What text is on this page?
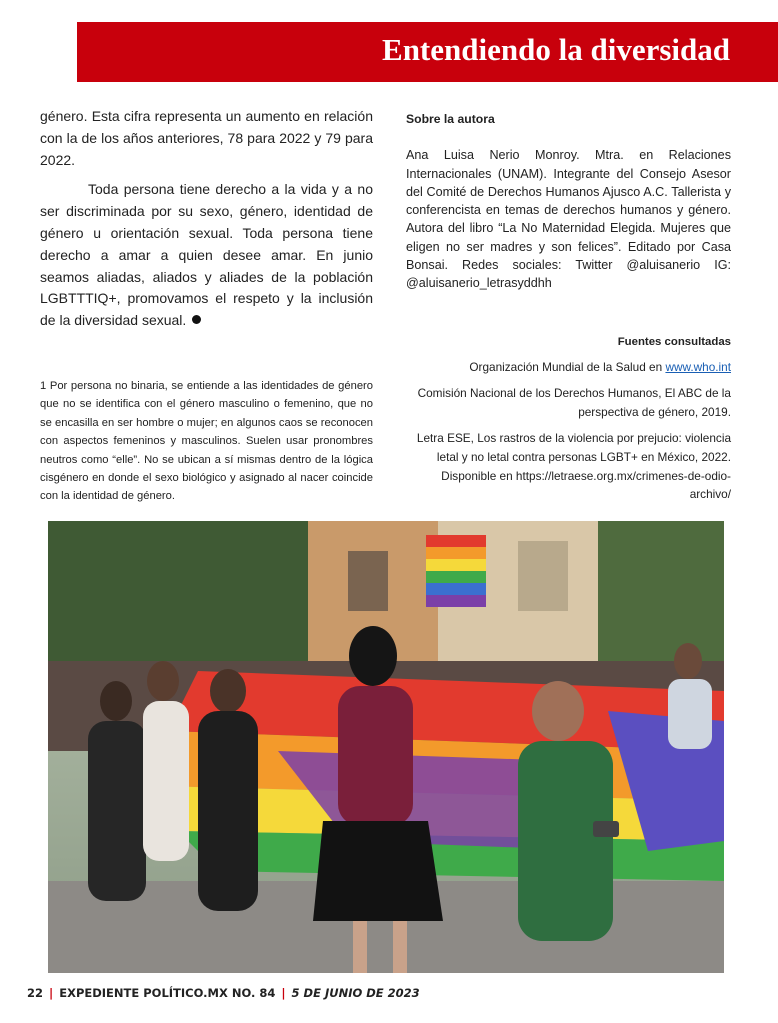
Entendiendo la diversidad

género. Esta cifra representa un aumento en relación con la de los años anteriores, 78 para 2022 y 79 para 2022.

Toda persona tiene derecho a la vida y a no ser discriminada por su sexo, género, identidad de género u orientación sexual. Toda persona tiene derecho a amar a quien desee amar. En junio seamos aliadas, aliados y aliades de la población LGBTTTIQ+, promovamos el respeto y la inclusión de la diversidad sexual.

1 Por persona no binaria, se entiende a las identidades de género que no se identifica con el género masculino o femenino, que no se encasilla en ser hombre o mujer; en algunos caos se reconocen con aspectos femeninos y masculinos. Suelen usar pronombres neutros como “elle”. No se ubican a sí mismas dentro de la lógica cisgénero en donde el sexo biológico y asignado al nacer coincide con la identidad de género.

Sobre la autora

Ana Luisa Nerio Monroy. Mtra. en Relaciones Internacionales (UNAM). Integrante del Consejo Asesor del Comité de Derechos Humanos Ajusco A.C. Tallerista y conferencista en temas de derechos humanos y género. Autora del libro “La No Maternidad Elegida. Mujeres que eligen no ser madres y son felices”. Editado por Casa Bonsai. Redes sociales: Twitter @aluisanerio IG: @aluisanerio_letrasyddhh

Fuentes consultadas

Organización Mundial de la Salud en www.who.int

Comisión Nacional de los Derechos Humanos, El ABC de la perspectiva de género, 2019.

Letra ESE, Los rastros de la violencia por prejucio: violencia letal y no letal contra personas LGBT+ en México, 2022. Disponible en https://letraese.org.mx/crimenes-de-odio-archivo/

22 | EXPEDIENTE POLÍTICO.MX NO. 84 | 5 DE JUNIO DE 2023
